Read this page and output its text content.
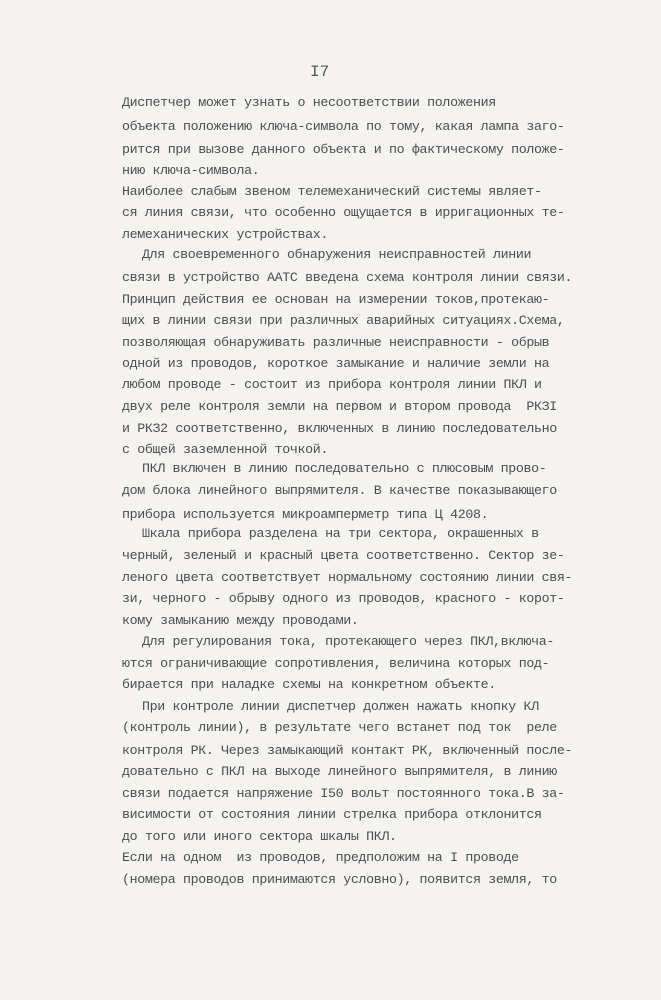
I7
Диспетчер может узнать о несоответствии положения
объекта положению ключа-символа по тому, какая лампа заго-
рится при вызове данного объекта и по фактическому положе-
нию ключа-символа.
Наиболее слабым звеном телемеханический системы являет-
ся линия связи, что особенно ощущается в ирригационных те-
лемеханических устройствах.
Для своевременного обнаружения неисправностей линии
связи в устройство ААТС введена схема контроля линии связи.
Принцип действия ее основан на измерении токов,протекаю-
щих в линии связи при различных аварийных ситуациях.Схема,
позволяющая обнаруживать различные неисправности - обрыв
одной из проводов, короткое замыкание и наличие земли на
любом проводе - состоит из прибора контроля линии ПКЛ и
двух реле контроля земли на первом и втором провода  РКЗI
и РКЗ2 соответственно, включенных в линию последовательно
с общей заземленной точкой.
ПКЛ включен в линию последовательно с плюсовым прово-
дом блока линейного выпрямителя. В качестве показывающего
прибора используется микроамперметр типа Ц 4208.
Шкала прибора разделена на три сектора, окрашенных в
черный, зеленый и красный цвета соответственно. Сектор зе-
леного цвета соответствует нормальному состоянию линии свя-
зи, черного - обрыву одного из проводов, красного - корот-
кому замыканию между проводами.
Для регулирования тока, протекающего через ПКЛ,включа-
ются ограничивающие сопротивления, величина которых под-
бирается при наладке схемы на конкретном объекте.
При контроле линии диспетчер должен нажать кнопку КЛ
(контроль линии), в результате чего встанет под ток  реле
контроля РК. Через замыкающий контакт РК, включенный после-
довательно с ПКЛ на выходе линейного выпрямителя, в линию
связи подается напряжение I50 вольт постоянного тока.В за-
висимости от состояния линии стрелка прибора отклонится
до того или иного сектора шкалы ПКЛ.
Если на одном  из проводов, предположим на I проводе
(номера проводов принимаются условно), появится земля, то
